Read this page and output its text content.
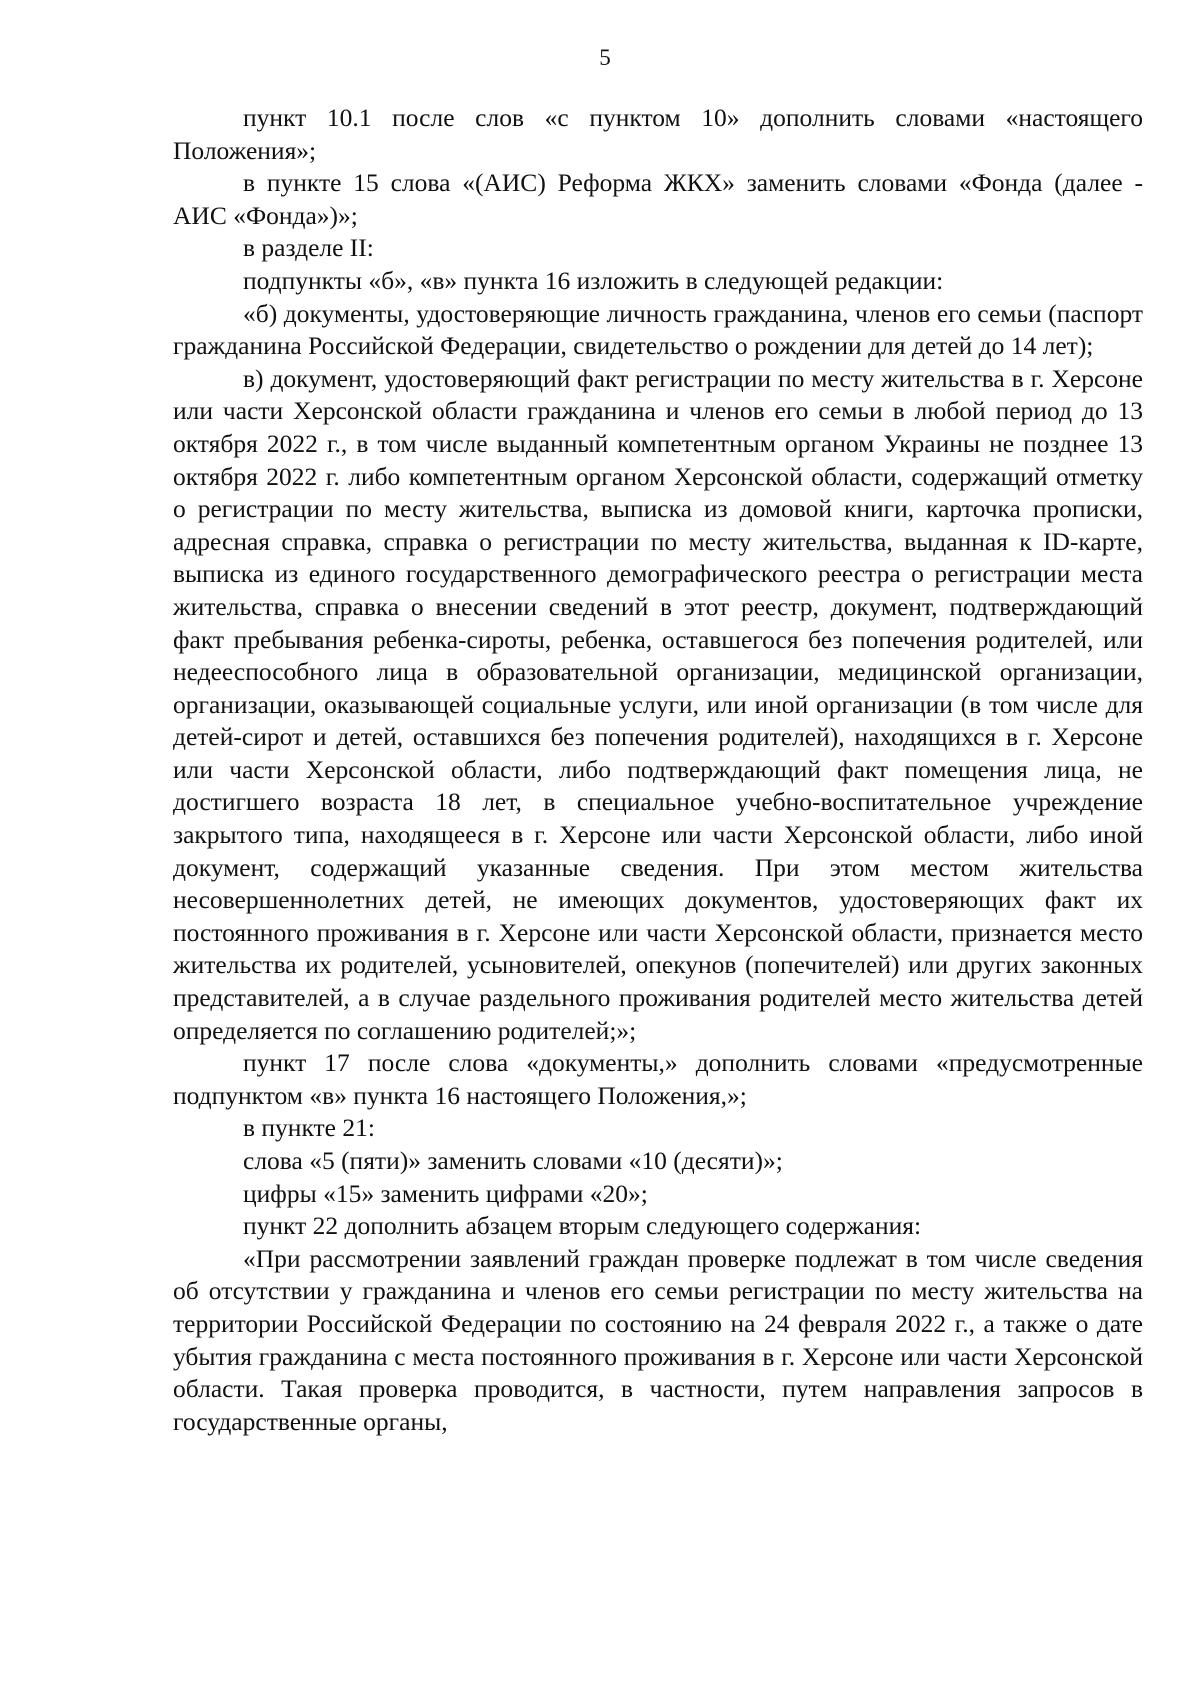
5

пункт 10.1 после слов «с пунктом 10» дополнить словами «настоящего Положения»;

в пункте 15 слова «(АИС) Реформа ЖКХ» заменить словами «Фонда (далее - АИС «Фонда»)»;

в разделе II:

подпункты «б», «в» пункта 16 изложить в следующей редакции:

«б) документы, удостоверяющие личность гражданина, членов его семьи (паспорт гражданина Российской Федерации, свидетельство о рождении для детей до 14 лет);

в) документ, удостоверяющий факт регистрации по месту жительства в г. Херсоне или части Херсонской области гражданина и членов его семьи в любой период до 13 октября 2022 г., в том числе выданный компетентным органом Украины не позднее 13 октября 2022 г. либо компетентным органом Херсонской области, содержащий отметку о регистрации по месту жительства, выписка из домовой книги, карточка прописки, адресная справка, справка о регистрации по месту жительства, выданная к ID-карте, выписка из единого государственного демографического реестра о регистрации места жительства, справка о внесении сведений в этот реестр, документ, подтверждающий факт пребывания ребенка-сироты, ребенка, оставшегося без попечения родителей, или недееспособного лица в образовательной организации, медицинской организации, организации, оказывающей социальные услуги, или иной организации (в том числе для детей-сирот и детей, оставшихся без попечения родителей), находящихся в г. Херсоне или части Херсонской области, либо подтверждающий факт помещения лица, не достигшего возраста 18 лет, в специальное учебно-воспитательное учреждение закрытого типа, находящееся в г. Херсоне или части Херсонской области, либо иной документ, содержащий указанные сведения. При этом местом жительства несовершеннолетних детей, не имеющих документов, удостоверяющих факт их постоянного проживания в г. Херсоне или части Херсонской области, признается место жительства их родителей, усыновителей, опекунов (попечителей) или других законных представителей, а в случае раздельного проживания родителей место жительства детей определяется по соглашению родителей;»;

пункт 17 после слова «документы,» дополнить словами «предусмотренные подпунктом «в» пункта 16 настоящего Положения,»;

в пункте 21:

слова «5 (пяти)» заменить словами «10 (десяти)»;

цифры «15» заменить цифрами «20»;

пункт 22 дополнить абзацем вторым следующего содержания:

«При рассмотрении заявлений граждан проверке подлежат в том числе сведения об отсутствии у гражданина и членов его семьи регистрации по месту жительства на территории Российской Федерации по состоянию на 24 февраля 2022 г., а также о дате убытия гражданина с места постоянного проживания в г. Херсоне или части Херсонской области. Такая проверка проводится, в частности, путем направления запросов в государственные органы,
